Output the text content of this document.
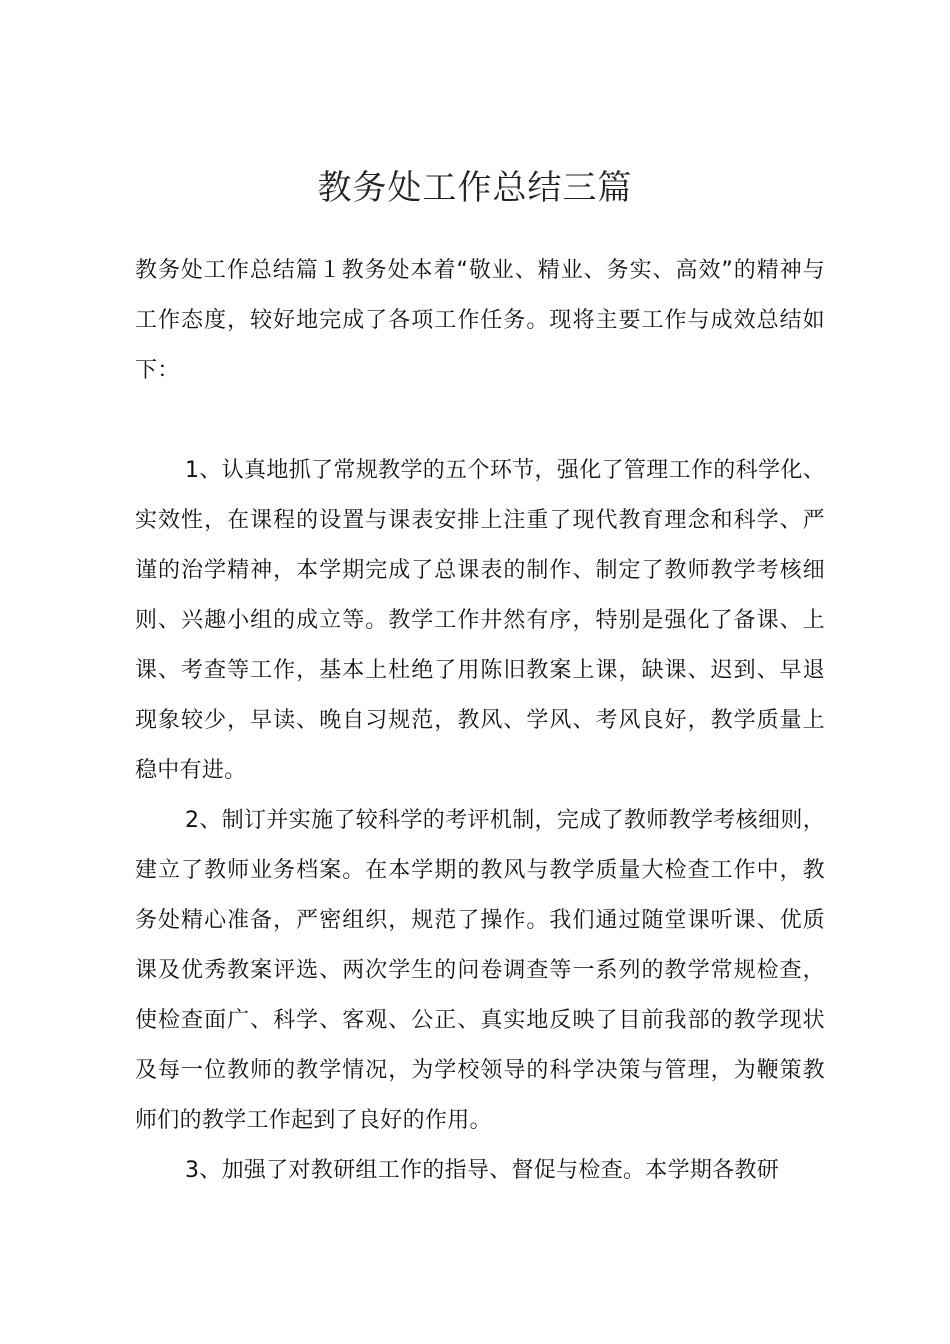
教务处工作总结三篇

教务处工作总结篇１教务处本着“敬业、精业、务实、高效”的精神与工作态度，较好地完成了各项工作任务。现将主要工作与成效总结如下：

1、认真地抓了常规教学的五个环节，强化了管理工作的科学化、实效性，在课程的设置与课表安排上注重了现代教育理念和科学、严谨的治学精神，本学期完成了总课表的制作、制定了教师教学考核细则、兴趣小组的成立等。教学工作井然有序，特别是强化了备课、上课、考查等工作，基本上杜绝了用陈旧教案上课，缺课、迟到、早退现象较少，早读、晚自习规范，教风、学风、考风良好，教学质量上稳中有进。

2、制订并实施了较科学的考评机制，完成了教师教学考核细则，建立了教师业务档案。在本学期的教风与教学质量大检查工作中，教务处精心准备，严密组织，规范了操作。我们通过随堂课听课、优质课及优秀教案评选、两次学生的问卷调查等一系列的教学常规检查，使检查面广、科学、客观、公正、真实地反映了目前我部的教学现状及每一位教师的教学情况，为学校领导的科学决策与管理，为鞭策教师们的教学工作起到了良好的作用。

3、加强了对教研组工作的指导、督促与检查。本学期各教研
